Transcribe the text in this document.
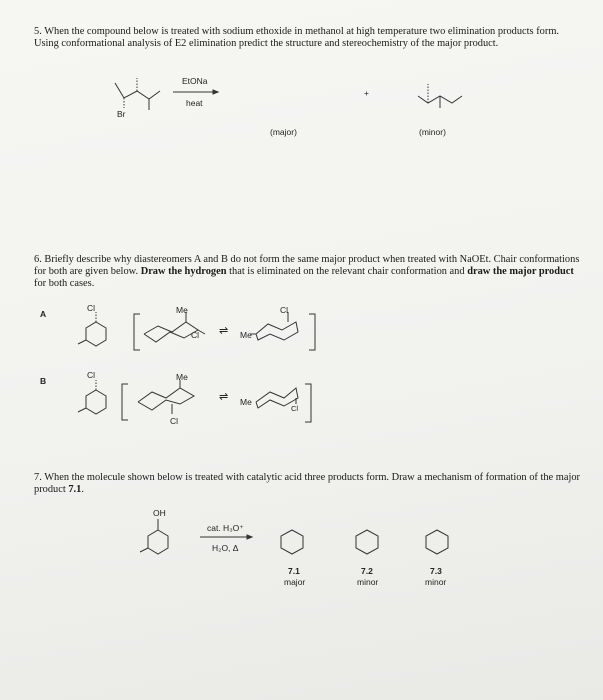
5. When the compound below is treated with sodium ethoxide in methanol at high temperature two elimination products form. Using conformational analysis of E2 elimination predict the structure and stereochemistry of the major product.

EtONa
heat
Br
+
(major)	(minor)

6. Briefly describe why diastereomers A and B do not form the same major product when treated with NaOEt. Chair conformations for both are given below. Draw the hydrogen that is eliminated on the relevant chair conformation and draw the major product for both cases.

A
Cl	Me
Cl
Cl
Me
⇌
B
Cl	Me
Cl
Me
Cl
⇌

7. When the molecule shown below is treated with catalytic acid three products form. Draw a mechanism of formation of the major product 7.1.

OH
cat. H₃O⁺
H₂O, Δ
7.1
major
7.2
minor
7.3
minor
